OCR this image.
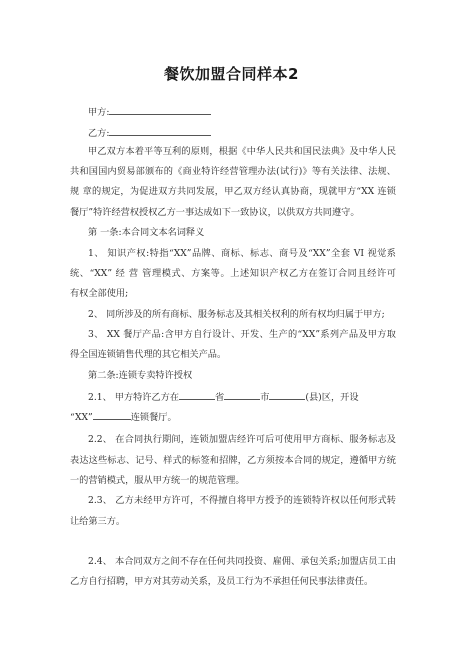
餐饮加盟合同样本2
甲方:
乙方:
甲乙双方本着平等互利的原则，根据《中华人民共和国民法典》及中华人民
共和国国内贸易部颁布的《商业特许经营管理办法(试行)》等有关法律、法规、
规 章的规定，为促进双方共同发展，甲乙双方经认真协商，现就甲方“XX 连锁
餐厅”特许经营权授权乙方一事达成如下一致协议，以供双方共同遵守。
第 一条:本合同文本名词释义
1、 知识产权:特指“XX”品牌、商标、标志、商号及“XX”全套 VI 视觉系
统、“XX” 经 营 管理模式、方案等。上述知识产权乙方在签订合同且经许可
有权全部使用;
2、 同所涉及的所有商标、服务标志及其相关权利的所有权均归属于甲方;
3、 XX 餐厅产品:含甲方自行设计、开发、生产的“XX”系列产品及甲方取
得全国连锁销售代理的其它相关产品。
第二条:连锁专卖特许授权
2.1、 甲方特许乙方在	省	市	(县)区，开设
“XX”	连锁餐厅。
2.2、 在合同执行期间，连锁加盟店经许可后可使用甲方商标、服务标志及
表达这些标志、记号、样式的标签和招牌，乙方须按本合同的规定，遵循甲方统
一的营销模式，服从甲方统一的规范管理。
2.3、 乙方未经甲方许可，不得擅自将甲方授予的连锁特许权以任何形式转
让给第三方。
2.4、 本合同双方之间不存在任何共同投资、雇佣、承包关系;加盟店员工由
乙方自行招聘，甲方对其劳动关系，及员工行为不承担任何民事法律责任。
